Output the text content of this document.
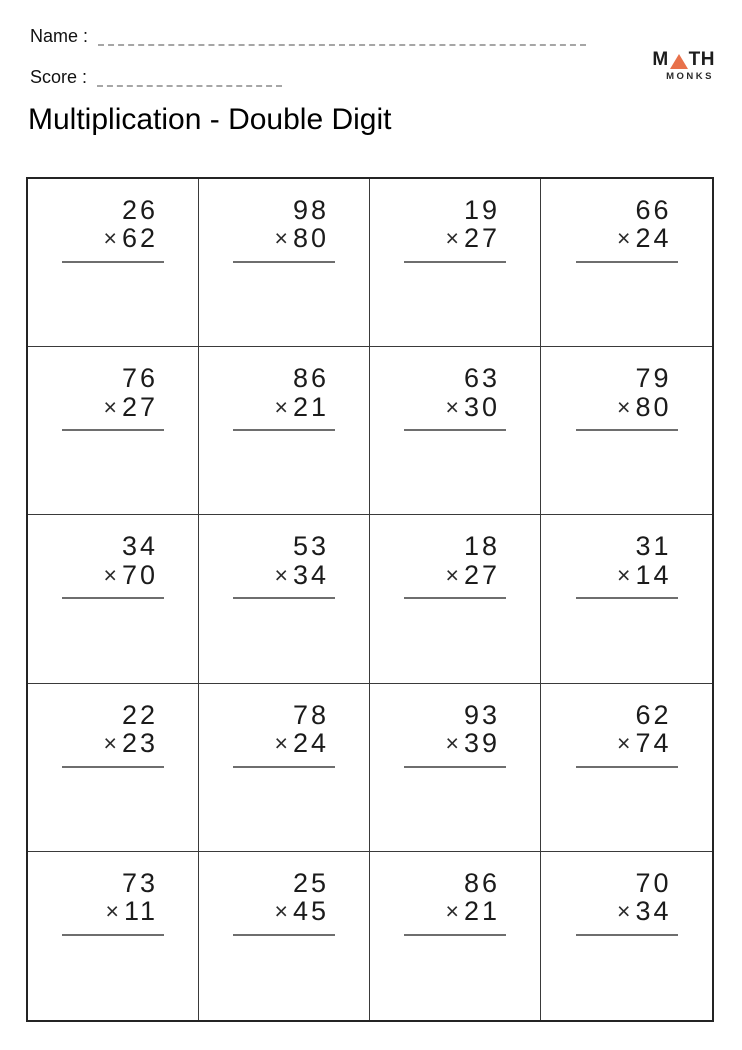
Name :
Score :
M TH
MONKS
Multiplication - Double Digit
26
× 62
98
× 80
19
× 27
66
× 24
76
× 27
86
× 21
63
× 30
79
× 80
34
× 70
53
× 34
18
× 27
31
× 14
22
× 23
78
× 24
93
× 39
62
× 74
73
× 11
25
× 45
86
× 21
70
× 34
